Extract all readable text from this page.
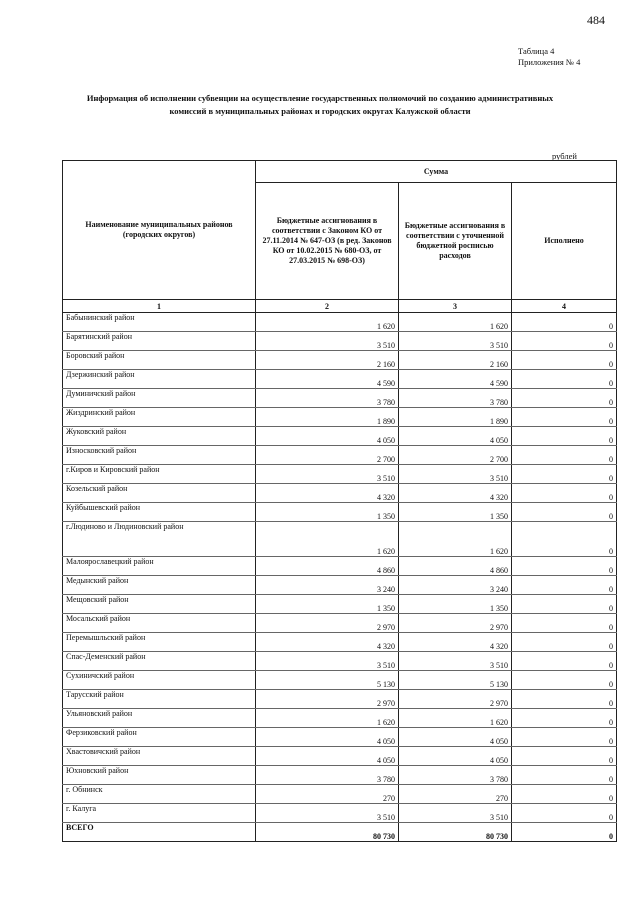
484
Таблица 4
Приложения № 4
Информация об исполнении субвенции на осуществление государственных полномочий по созданию административных комиссий в муниципальных районах и городских округах Калужской области
рублей
Наименование муниципальных районов (городских округов)	Сумма		
	Бюджетные ассигнования в соответствии с Законом КО от 27.11.2014 № 647-ОЗ (в ред. Законов КО от 10.02.2015 № 680-ОЗ, от 27.03.2015 № 698-ОЗ)	Бюджетные ассигнования в соответствии с уточненной бюджетной росписью расходов	Исполнено
1	2	3	4
Бабынинский район	1 620	1 620	0
Барятинский район	3 510	3 510	0
Боровский район	2 160	2 160	0
Дзержинский район	4 590	4 590	0
Думиничский район	3 780	3 780	0
Жиздринский район	1 890	1 890	0
Жуковский район	4 050	4 050	0
Износковский район	2 700	2 700	0
г.Киров и Кировский район	3 510	3 510	0
Козельский район	4 320	4 320	0
Куйбышевский район	1 350	1 350	0
г.Людиново и Людиновский район	1 620	1 620	0
Малоярославецкий район	4 860	4 860	0
Медынский район	3 240	3 240	0
Мещовский район	1 350	1 350	0
Мосальский район	2 970	2 970	0
Перемышльский район	4 320	4 320	0
Спас-Деменский район	3 510	3 510	0
Сухиничский район	5 130	5 130	0
Тарусский район	2 970	2 970	0
Ульяновский район	1 620	1 620	0
Ферзиковский район	4 050	4 050	0
Хвастовичский район	4 050	4 050	0
Юхновский район	3 780	3 780	0
г. Обнинск	270	270	0
г. Калуга	3 510	3 510	0
ВСЕГО	80 730	80 730	0
